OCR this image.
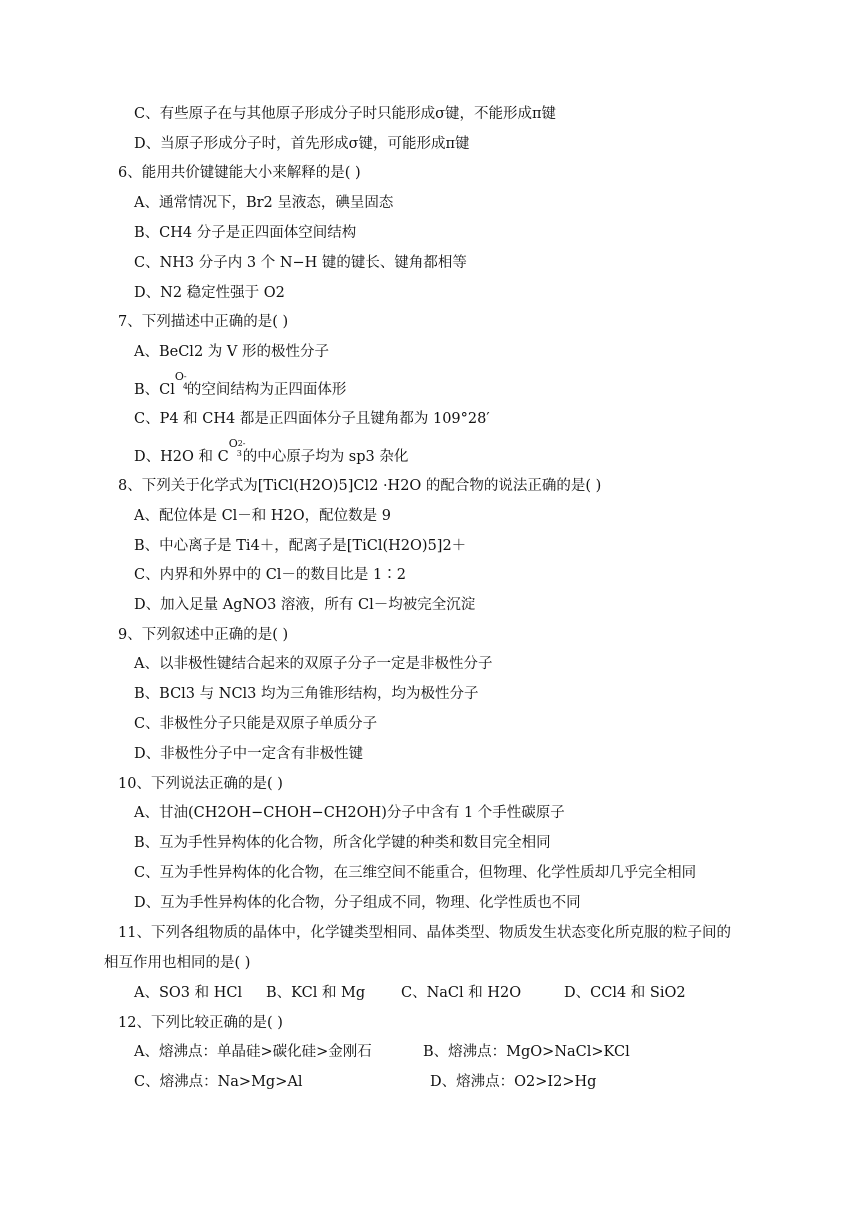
C、有些原子在与其他原子形成分子时只能形成σ键，不能形成π键
D、当原子形成分子时，首先形成σ键，可能形成π键
6、能用共价键键能大小来解释的是( )
A、通常情况下，Br2 呈液态，碘呈固态
B、CH4 分子是正四面体空间结构
C、NH3 分子内 3 个 N−H 键的键长、键角都相等
D、N2 稳定性强于 O2
7、下列描述中正确的是( )
A、BeCl2 为 V 形的极性分子
B、Cl
O -
4
的空间结构为正四面体形
C、P4 和 CH4 都是正四面体分子且键角都为 109°28′
D、H2O 和 C
O 2-
3 的中心原子均为 sp3 杂化
8、下列关于化学式为[TiCl(H2O)5]Cl2 ·H2O 的配合物的说法正确的是( )
A、配位体是 Cl－和 H2O，配位数是 9
B、中心离子是 Ti4＋，配离子是[TiCl(H2O)5]2＋
C、内界和外界中的 Cl－的数目比是 1∶2
D、加入足量 AgNO3 溶液，所有 Cl－均被完全沉淀
9、下列叙述中正确的是( )
A、以非极性键结合起来的双原子分子一定是非极性分子
B、BCl3 与 NCl3 均为三角锥形结构，均为极性分子
C、非极性分子只能是双原子单质分子
D、非极性分子中一定含有非极性键
10、下列说法正确的是( )
A、甘油(CH2OH−CHOH−CH2OH)分子中含有 1 个手性碳原子
B、互为手性异构体的化合物，所含化学键的种类和数目完全相同
C、互为手性异构体的化合物，在三维空间不能重合，但物理、化学性质却几乎完全相同
D、互为手性异构体的化合物，分子组成不同，物理、化学性质也不同
11、下列各组物质的晶体中，化学键类型相同、晶体类型、物质发生状态变化所克服的粒子间的
相互作用也相同的是( )
A、SO3 和 HCl B、KCl 和 Mg C、NaCl 和 H2O	D、CCl4 和 SiO2
12、下列比较正确的是( )
A、熔沸点：单晶硅>碳化硅>金刚石	B、熔沸点：MgO>NaCl>KCl
C、熔沸点：Na>Mg>Al	D、熔沸点：O2>I2>Hg
